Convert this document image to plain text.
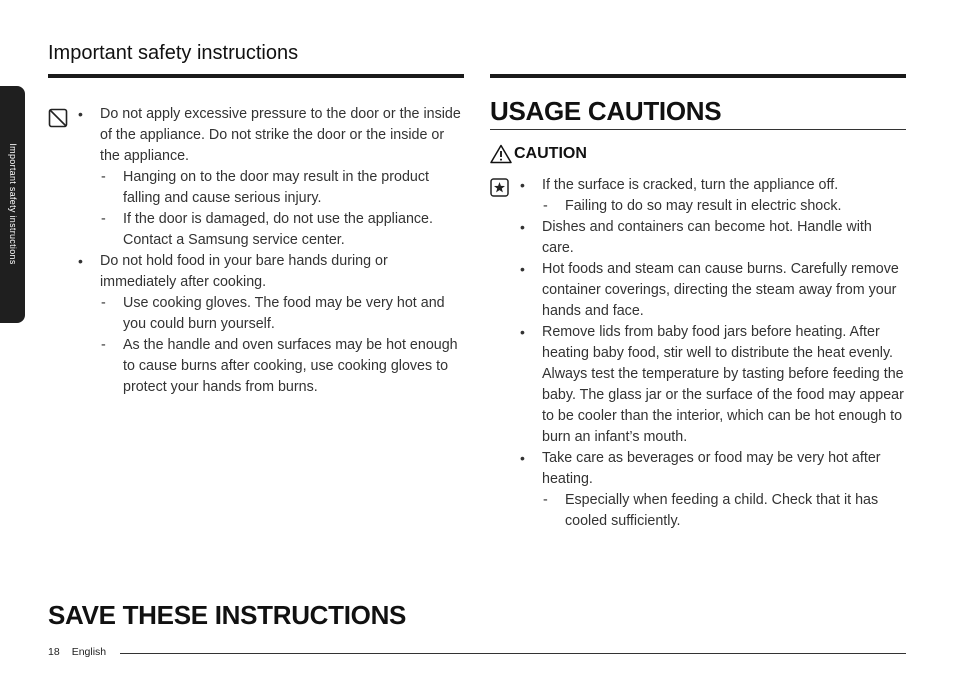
Important safety instructions
Important safety instructions
• Do not apply excessive pressure to the door or the inside of the appliance. Do not strike the door or the inside or the appliance.
- Hanging on to the door may result in the product falling and cause serious injury.
- If the door is damaged, do not use the appliance. Contact a Samsung service center.
• Do not hold food in your bare hands during or immediately after cooking.
- Use cooking gloves. The food may be very hot and you could burn yourself.
- As the handle and oven surfaces may be hot enough to cause burns after cooking, use cooking gloves to protect your hands from burns.
USAGE CAUTIONS
CAUTION
• If the surface is cracked, turn the appliance off.
- Failing to do so may result in electric shock.
• Dishes and containers can become hot. Handle with care.
• Hot foods and steam can cause burns. Carefully remove container coverings, directing the steam away from your hands and face.
• Remove lids from baby food jars before heating. After heating baby food, stir well to distribute the heat evenly. Always test the temperature by tasting before feeding the baby. The glass jar or the surface of the food may appear to be cooler than the interior, which can be hot enough to burn an infant’s mouth.
• Take care as beverages or food may be very hot after heating.
- Especially when feeding a child. Check that it has cooled sufficiently.
SAVE THESE INSTRUCTIONS
18 English
